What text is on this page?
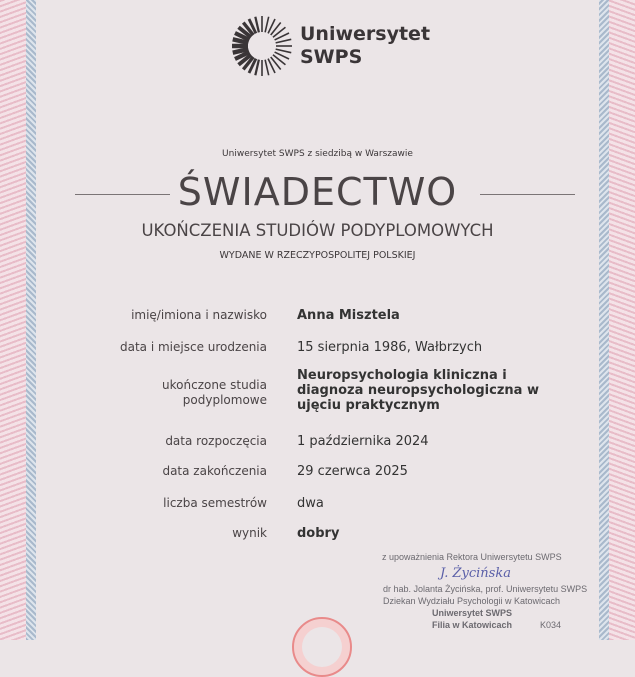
Uniwersytet
SWPS
Uniwersytet SWPS z siedzibą w Warszawie
ŚWIADECTWO
UKOŃCZENIA STUDIÓW PODYPLOMOWYCH
WYDANE W RZECZYPOSPOLITEJ POLSKIEJ
imię/imiona i nazwisko Anna Misztela
data i miejsce urodzenia 15 sierpnia 1986, Wałbrzych
ukończone studia podyplomowe
Neuropsychologia kliniczna i diagnoza neuropsychologiczna w ujęciu praktycznym
data rozpoczęcia 1 października 2024
data zakończenia 29 czerwca 2025
liczba semestrów dwa
wynik dobry
z upoważnienia Rektora Uniwersytetu SWPS
J. Życińska
dr hab. Jolanta Życińska, prof. Uniwersytetu SWPS
Dziekan Wydziału Psychologii w Katowicach
Uniwersytet SWPS
Filia w Katowicach	K034
